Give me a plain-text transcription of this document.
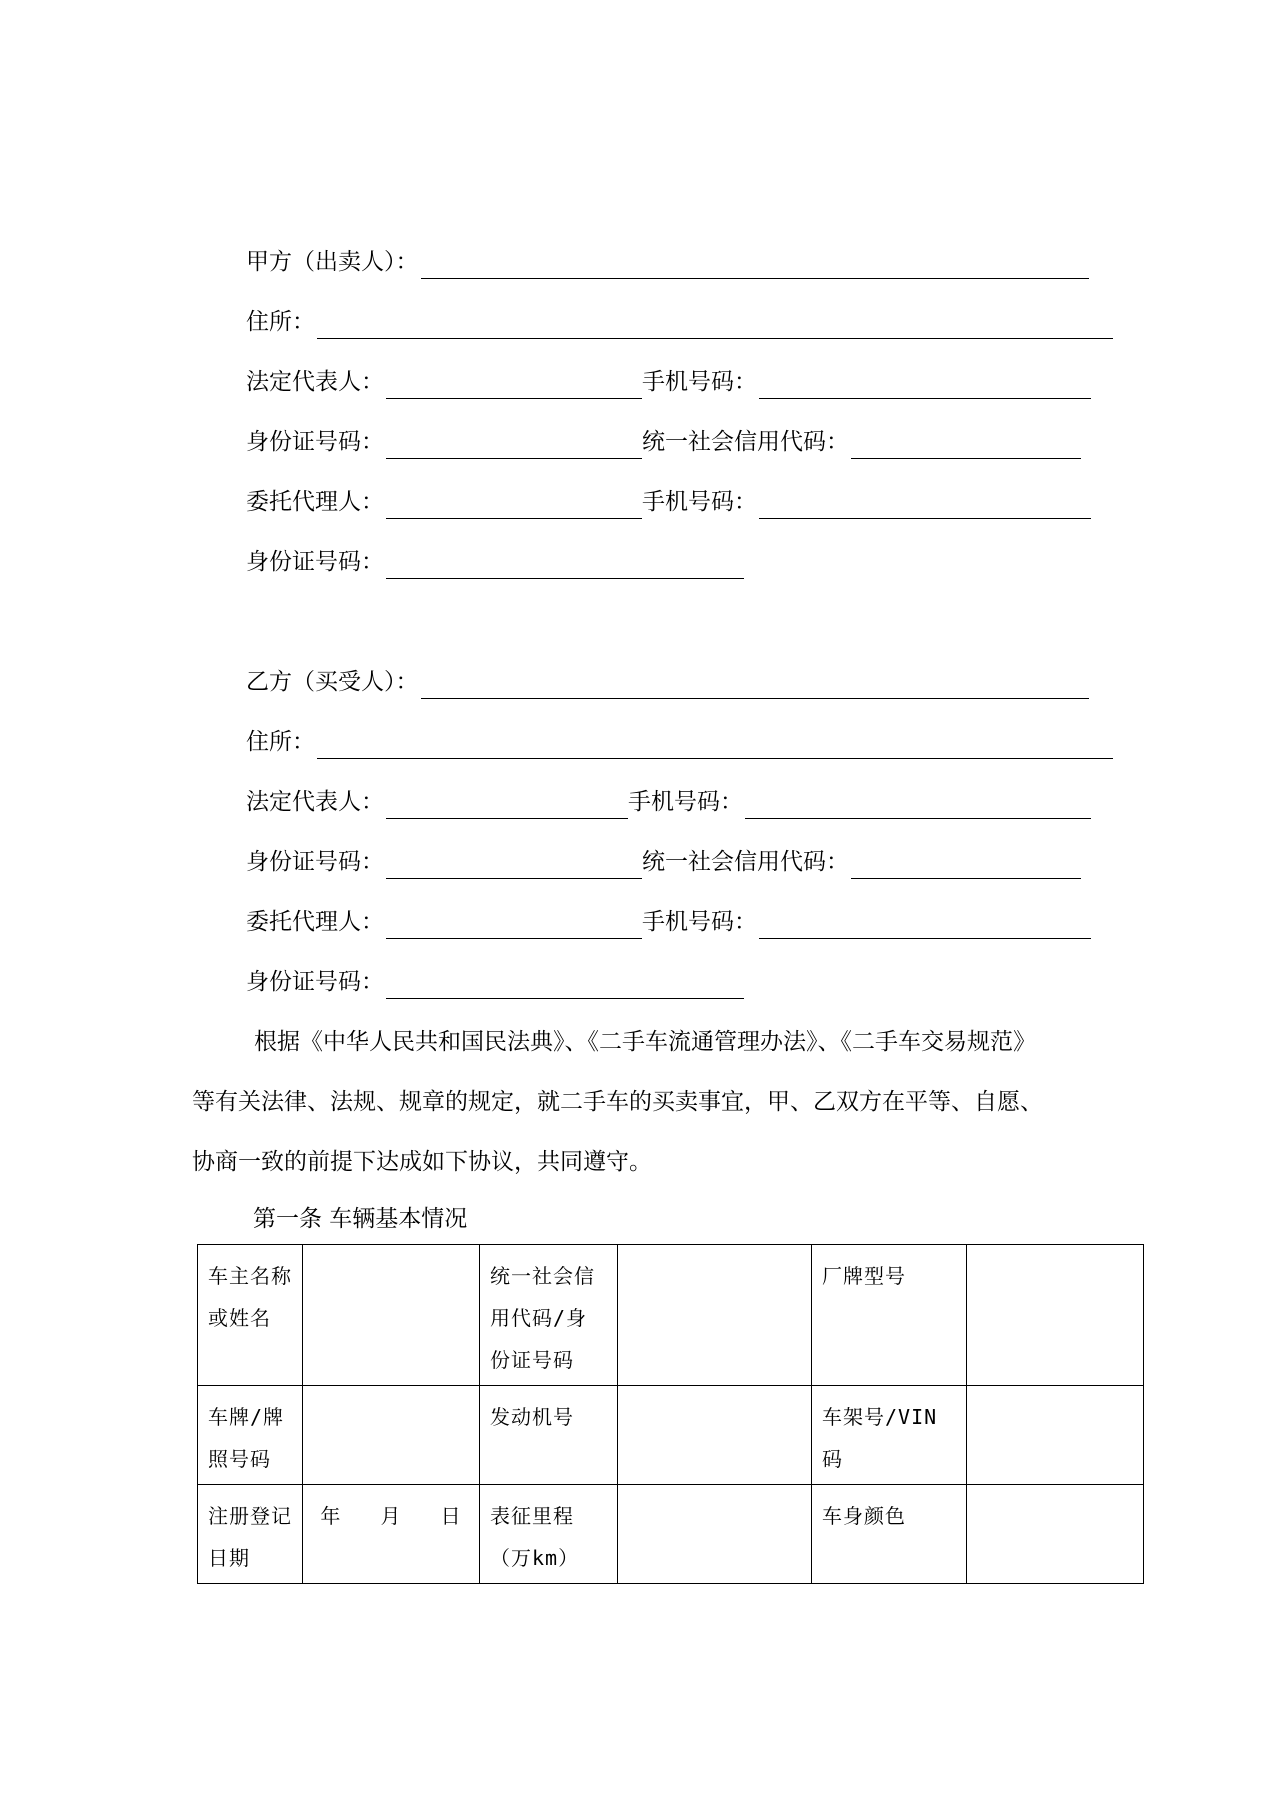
甲方（出卖人）：
住所：
法定代表人：	手机号码：
身份证号码：	统一社会信用代码：
委托代理人：	手机号码：
身份证号码：
乙方（买受人）：
住所：
法定代表人：	手机号码：
身份证号码：	统一社会信用代码：
委托代理人：	手机号码：
身份证号码：
根据《中华人民共和国民法典》、《二手车流通管理办法》、《二手车交易规范》
等有关法律、法规、规章的规定，就二手车的买卖事宜，甲、乙双方在平等、自愿、
协商一致的前提下达成如下协议，共同遵守。
第一条 车辆基本情况
车主名称或姓名		统一社会信用代码/身份证号码		厂牌型号	
车牌/牌照号码		发动机号		车架号/VIN码	
注册登记日期	年   月   日	表征里程（万km）		车身颜色	
